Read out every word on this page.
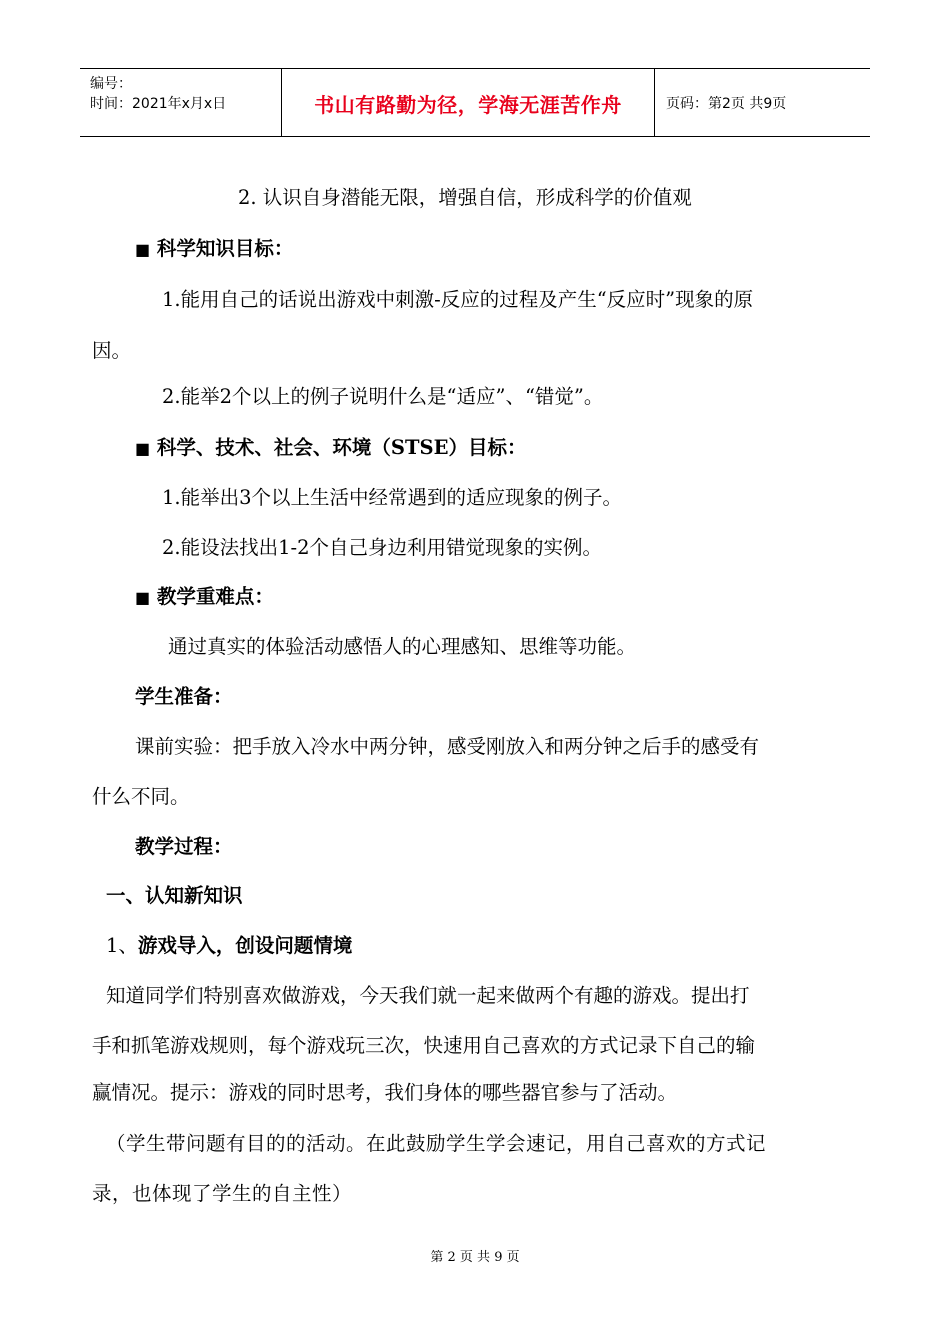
编号：
时间：2021年x月x日	书山有路勤为径，学海无涯苦作舟	页码：第2页 共9页
2. 认识自身潜能无限，增强自信，形成科学的价值观
■ 科学知识目标：
1.能用自己的话说出游戏中刺激-反应的过程及产生“反应时”现象的原
因。
2.能举2个以上的例子说明什么是“适应”、“错觉”。
■ 科学、技术、社会、环境（STSE）目标：
1.能举出3个以上生活中经常遇到的适应现象的例子。
2.能设法找出1-2个自己身边利用错觉现象的实例。
■ 教学重难点：
通过真实的体验活动感悟人的心理感知、思维等功能。
学生准备：
课前实验：把手放入冷水中两分钟，感受刚放入和两分钟之后手的感受有
什么不同。
教学过程：
一、认知新知识
1、游戏导入，创设问题情境
知道同学们特别喜欢做游戏，今天我们就一起来做两个有趣的游戏。提出打
手和抓笔游戏规则，每个游戏玩三次，快速用自己喜欢的方式记录下自己的输
赢情况。提示：游戏的同时思考，我们身体的哪些器官参与了活动。
（学生带问题有目的的活动。在此鼓励学生学会速记，用自己喜欢的方式记
录，也体现了学生的自主性）
第 2 页 共 9 页
